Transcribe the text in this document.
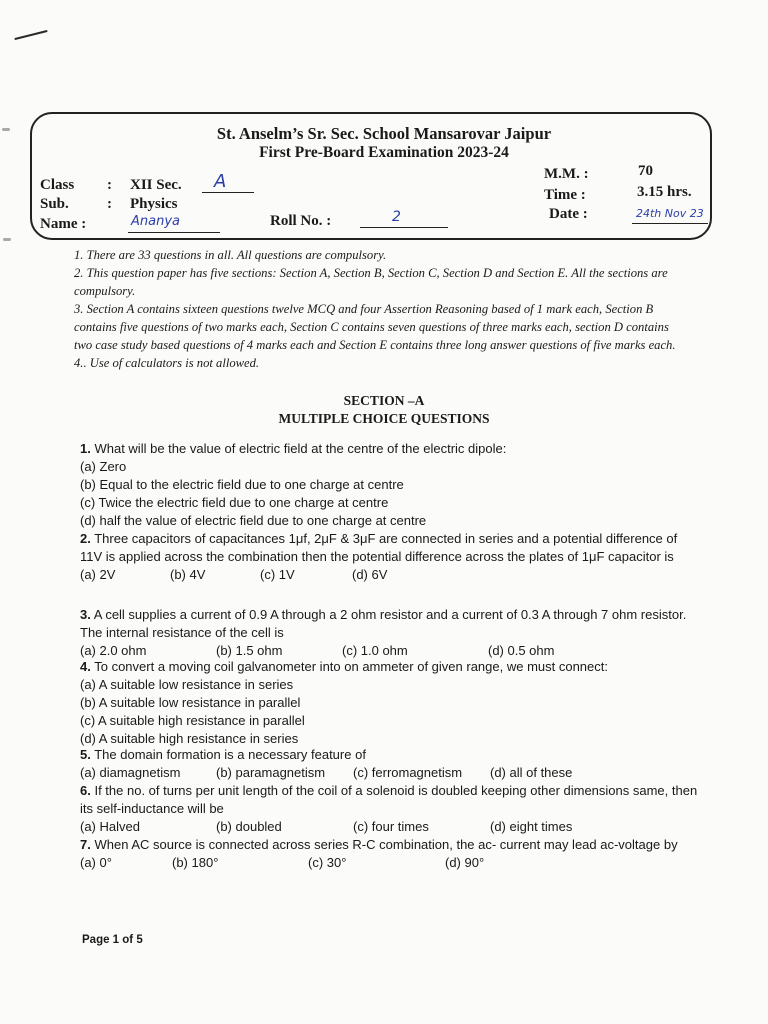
St. Anselm’s Sr. Sec. School Mansarovar Jaipur
First Pre-Board Examination 2023-24
Class : XII Sec. A
Sub.	: Physics
Name :	Ananya	Roll No. :	2
M.M. :	70
Time :	3.15 hrs.
Date :	24th Nov 23

1. There are 33 questions in all. All questions are compulsory.

2. This question paper has five sections: Section A, Section B, Section C, Section D and Section E. All the sections are compulsory.

3. Section A contains sixteen questions twelve MCQ and four Assertion Reasoning based of 1 mark each, Section B contains five questions of two marks each, Section C contains seven questions of three marks each, section D contains two case study based questions of 4 marks each and Section E contains three long answer questions of five marks each.

4.. Use of calculators is not allowed.

SECTION –A
MULTIPLE CHOICE QUESTIONS

1. What will be the value of electric field at the centre of the electric dipole:

(a) Zero

(b) Equal to the electric field due to one charge at centre

(c) Twice the electric field due to one charge at centre

(d) half the value of electric field due to one charge at centre

2. Three capacitors of capacitances 1μf, 2μF & 3μF are connected in series and a potential difference of 11V is applied across the combination then the potential difference across the plates of 1μF capacitor is

(a) 2V	(b) 4V	(c) 1V	(d) 6V

3. A cell supplies a current of 0.9 A through a 2 ohm resistor and a current of 0.3 A through 7 ohm resistor. The internal resistance of the cell is

(a) 2.0 ohm	(b) 1.5 ohm	(c) 1.0 ohm	(d) 0.5 ohm

4. To convert a moving coil galvanometer into on ammeter of given range, we must connect:

(a) A suitable low resistance in series

(b) A suitable low resistance in parallel

(c) A suitable high resistance in parallel

(d) A suitable high resistance in series

5. The domain formation is a necessary feature of

(a) diamagnetism	(b) paramagnetism (c) ferromagnetism (d) all of these

6. If the no. of turns per unit length of the coil of a solenoid is doubled keeping other dimensions same, then its self-inductance will be

(a) Halved	(b) doubled	(c) four times	(d) eight times

7. When AC source is connected across series R-C combination, the ac- current may lead ac-voltage by

(a) 0°	(b) 180°	(c) 30°	(d) 90°
Page 1 of 5
